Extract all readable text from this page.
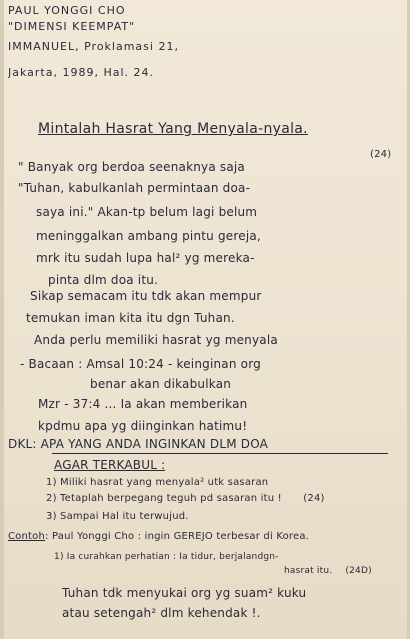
PAUL YONGGI CHO
"DIMENSI KEEMPAT"
IMMANUEL, Proklamasi 21,
Jakarta, 1989, Hal. 24.
Mintalah Hasrat Yang Menyala-nyala.
(24)
" Banyak org berdoa seenaknya saja
"Tuhan, kabulkanlah permintaan doa-
saya ini." Akan-tp belum lagi belum
meninggalkan ambang pintu gereja,
mrk itu sudah lupa hal² yg mereka-
pinta dlm doa itu.
Sikap semacam itu tdk akan mempur
temukan iman kita itu dgn Tuhan.
Anda perlu memiliki hasrat yg menyala
- Bacaan : Amsal 10:24 - keinginan org
benar akan dikabulkan
Mzr - 37:4 ... Ia akan memberikan
kpdmu apa yg diinginkan hatimu!
DKL: APA YANG ANDA INGINKAN DLM DOA
AGAR TERKABUL :
1) Miliki hasrat yang menyala² utk sasaran
2) Tetaplah berpegang teguh pd sasaran itu ! (24)
3) Sampai Hal itu terwujud.
Contoh: Paul Yonggi Cho : ingin GEREJO terbesar di Korea.
1) Ia curahkan perhatian : Ia tidur, berjalandgn-
hasrat itu. (24D)
Tuhan tdk menyukai org yg suam² kuku
atau setengah² dlm kehendak !.
